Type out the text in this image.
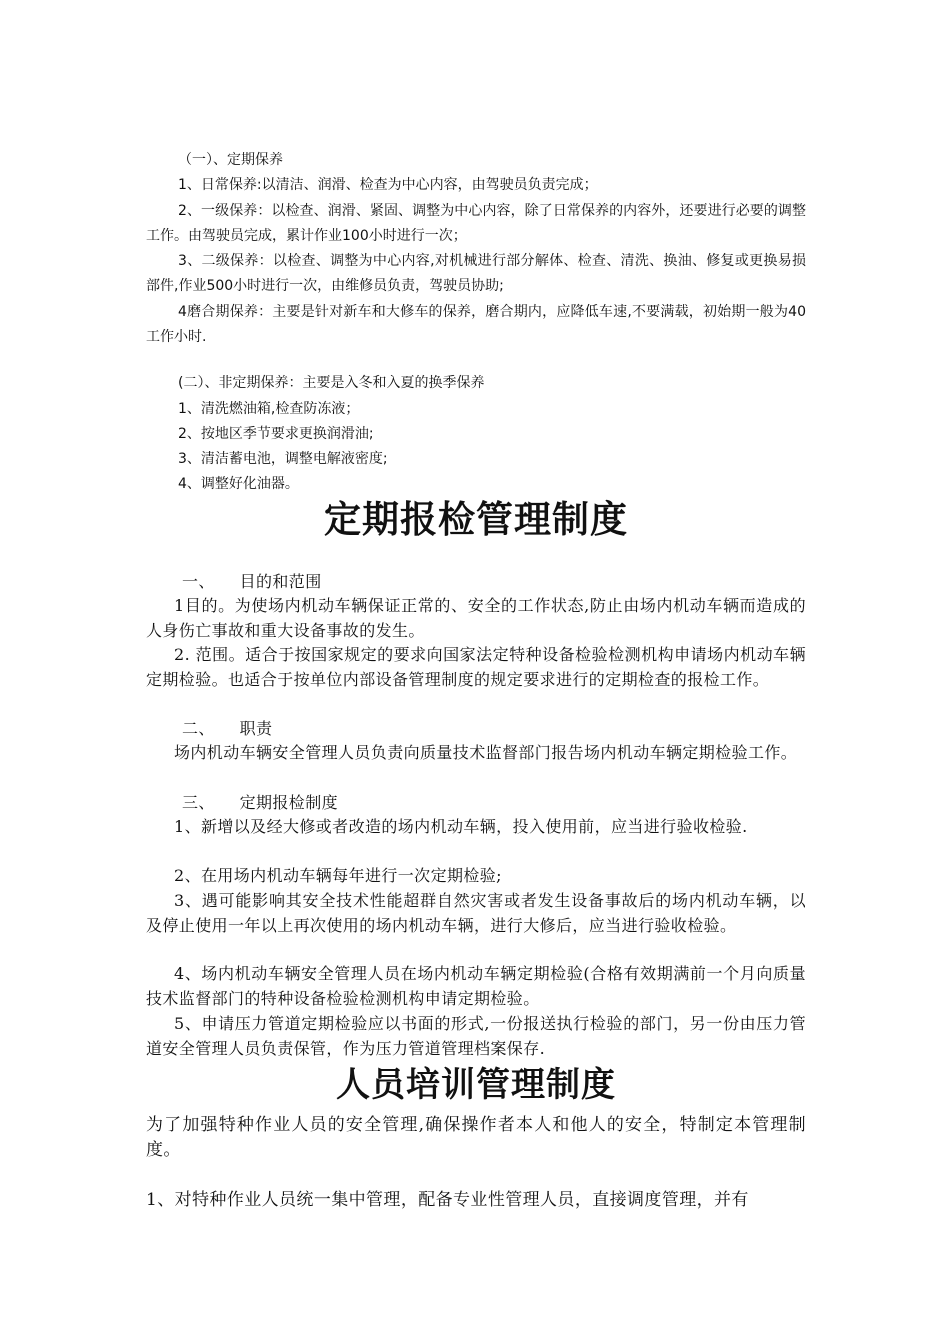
（一）、定期保养

1、日常保养:以清洁、润滑、检查为中心内容，由驾驶员负责完成；

2、一级保养：以检查、润滑、紧固、调整为中心内容，除了日常保养的内容外，还要进行必要的调整工作。由驾驶员完成，累计作业100小时进行一次；

3、二级保养：以检查、调整为中心内容,对机械进行部分解体、检查、清洗、换油、修复或更换易损部件,作业500小时进行一次，由维修员负责，驾驶员协助;

4磨合期保养：主要是针对新车和大修车的保养，磨合期内，应降低车速,不要满载，初始期一般为40工作小时.

(二）、非定期保养：主要是入冬和入夏的换季保养

1、清洗燃油箱,检查防冻液；

2、按地区季节要求更换润滑油;

3、清洁蓄电池，调整电解液密度;

4、调整好化油器。

定期报检管理制度

一、　　目的和范围

1目的。为使场内机动车辆保证正常的、安全的工作状态,防止由场内机动车辆而造成的人身伤亡事故和重大设备事故的发生。

2. 范围。适合于按国家规定的要求向国家法定特种设备检验检测机构申请场内机动车辆定期检验。也适合于按单位内部设备管理制度的规定要求进行的定期检查的报检工作。

二、　　职责

场内机动车辆安全管理人员负责向质量技术监督部门报告场内机动车辆定期检验工作。

三、　　定期报检制度

1、新增以及经大修或者改造的场内机动车辆，投入使用前，应当进行验收检验.

2、在用场内机动车辆每年进行一次定期检验;

3、遇可能影响其安全技术性能超群自然灾害或者发生设备事故后的场内机动车辆，以及停止使用一年以上再次使用的场内机动车辆，进行大修后，应当进行验收检验。

4、场内机动车辆安全管理人员在场内机动车辆定期检验(合格有效期满前一个月向质量技术监督部门的特种设备检验检测机构申请定期检验。

5、申请压力管道定期检验应以书面的形式,一份报送执行检验的部门，另一份由压力管道安全管理人员负责保管，作为压力管道管理档案保存.

人员培训管理制度

为了加强特种作业人员的安全管理,确保操作者本人和他人的安全，特制定本管理制度。

1、对特种作业人员统一集中管理，配备专业性管理人员，直接调度管理，并有
